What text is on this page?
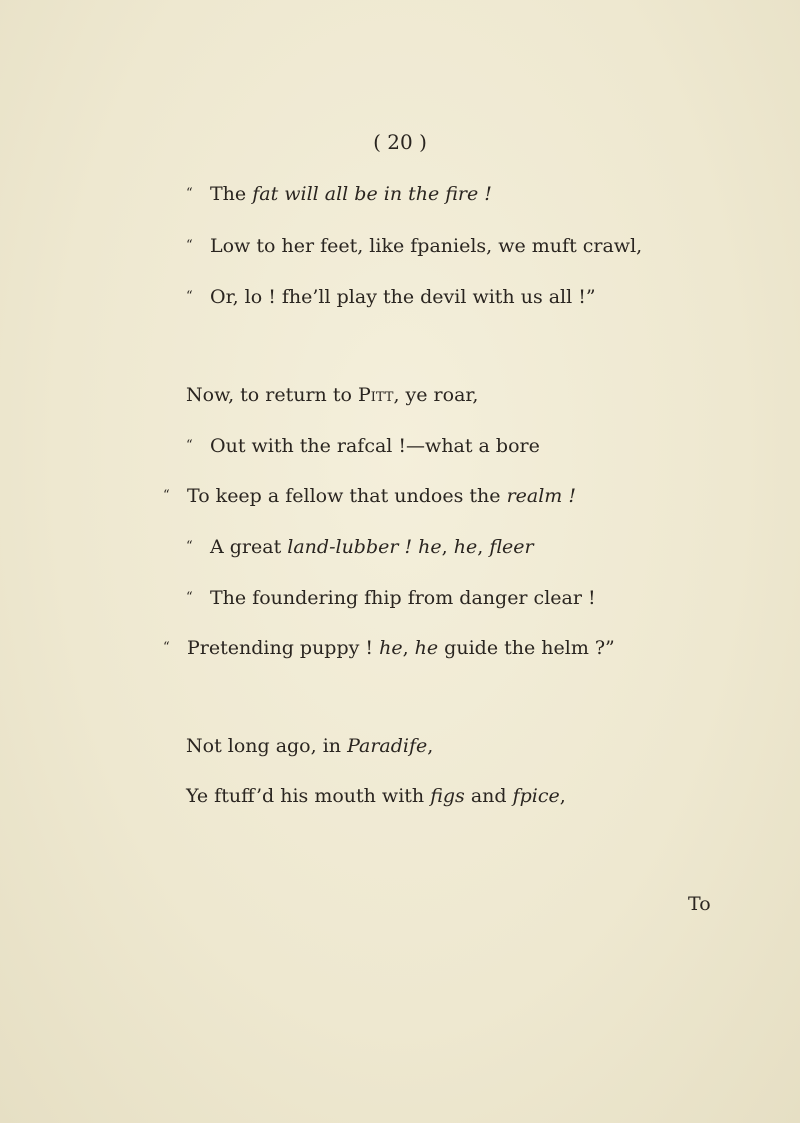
( 20 )
“ The fat will all be in the fire !
“ Low to her feet, like fpaniels, we muft crawl,
“ Or, lo ! fhe’ll play the devil with us all !”
Now, to return to Pitt, ye roar,
“ Out with the rafcal !—what a bore
“ To keep a fellow that undoes the realm !
“ A great land-lubber ! he, he, fleer
“ The foundering fhip from danger clear !
“ Pretending puppy ! he, he guide the helm ?”
Not long ago, in Paradife,
Ye ftuff’d his mouth with figs and fpice,
To
